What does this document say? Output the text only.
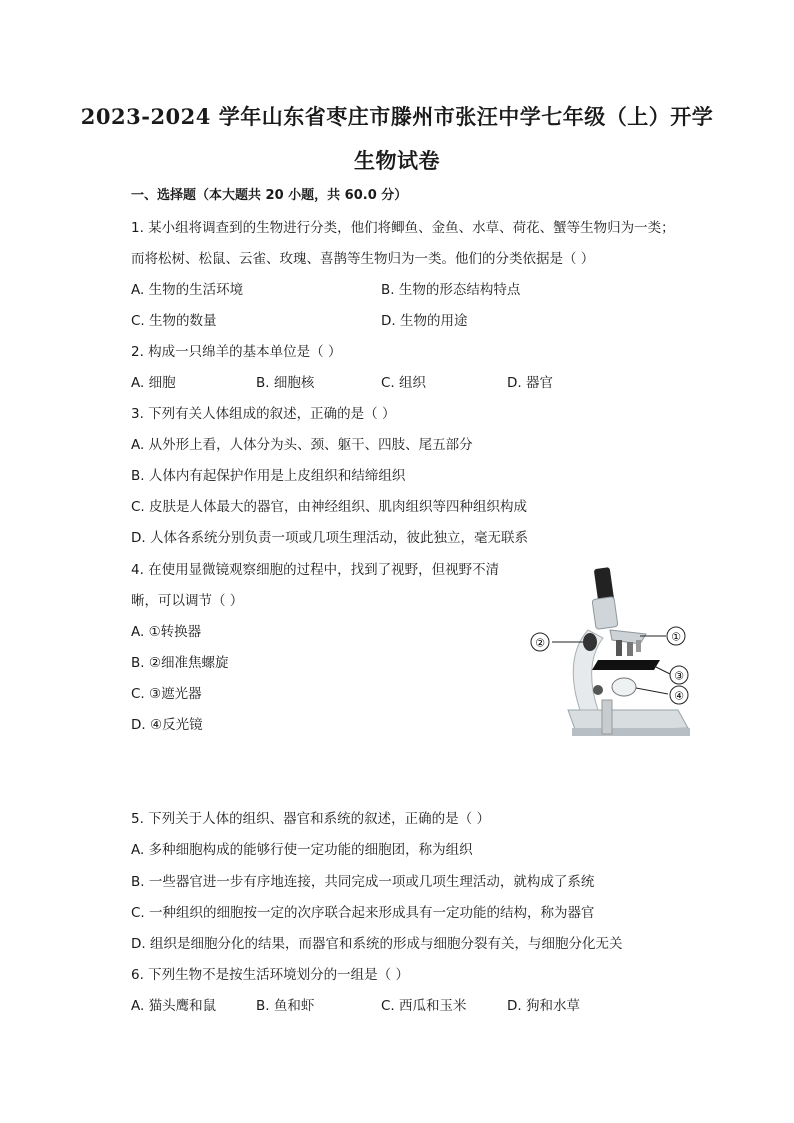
2023-2024 学年山东省枣庄市滕州市张汪中学七年级（上）开学
生物试卷
一、选择题（本大题共 20 小题，共 60.0 分）
1. 某小组将调查到的生物进行分类，他们将鲫鱼、金鱼、水草、荷花、蟹等生物归为一类；
而将松树、松鼠、云雀、玫瑰、喜鹊等生物归为一类。他们的分类依据是（ ）
A. 生物的生活环境	B. 生物的形态结构特点
C. 生物的数量	D. 生物的用途
2. 构成一只绵羊的基本单位是（ ）
A. 细胞	B. 细胞核	C. 组织	D. 器官
3. 下列有关人体组成的叙述，正确的是（ ）
A. 从外形上看，人体分为头、颈、躯干、四肢、尾五部分
B. 人体内有起保护作用是上皮组织和结缔组织
C. 皮肤是人体最大的器官，由神经组织、肌肉组织等四种组织构成
D. 人体各系统分别负责一项或几项生理活动，彼此独立，毫无联系
4. 在使用显微镜观察细胞的过程中，找到了视野，但视野不清
晰，可以调节（ ）
A. ①转换器
B. ②细准焦螺旋
C. ③遮光器
D. ④反光镜
①
②
③
④
5. 下列关于人体的组织、器官和系统的叙述，正确的是（ ）
A. 多种细胞构成的能够行使一定功能的细胞团，称为组织
B. 一些器官进一步有序地连接，共同完成一项或几项生理活动，就构成了系统
C. 一种组织的细胞按一定的次序联合起来形成具有一定功能的结构，称为器官
D. 组织是细胞分化的结果，而器官和系统的形成与细胞分裂有关，与细胞分化无关
6. 下列生物不是按生活环境划分的一组是（ ）
A. 猫头鹰和鼠	B. 鱼和虾	C. 西瓜和玉米	D. 狗和水草
